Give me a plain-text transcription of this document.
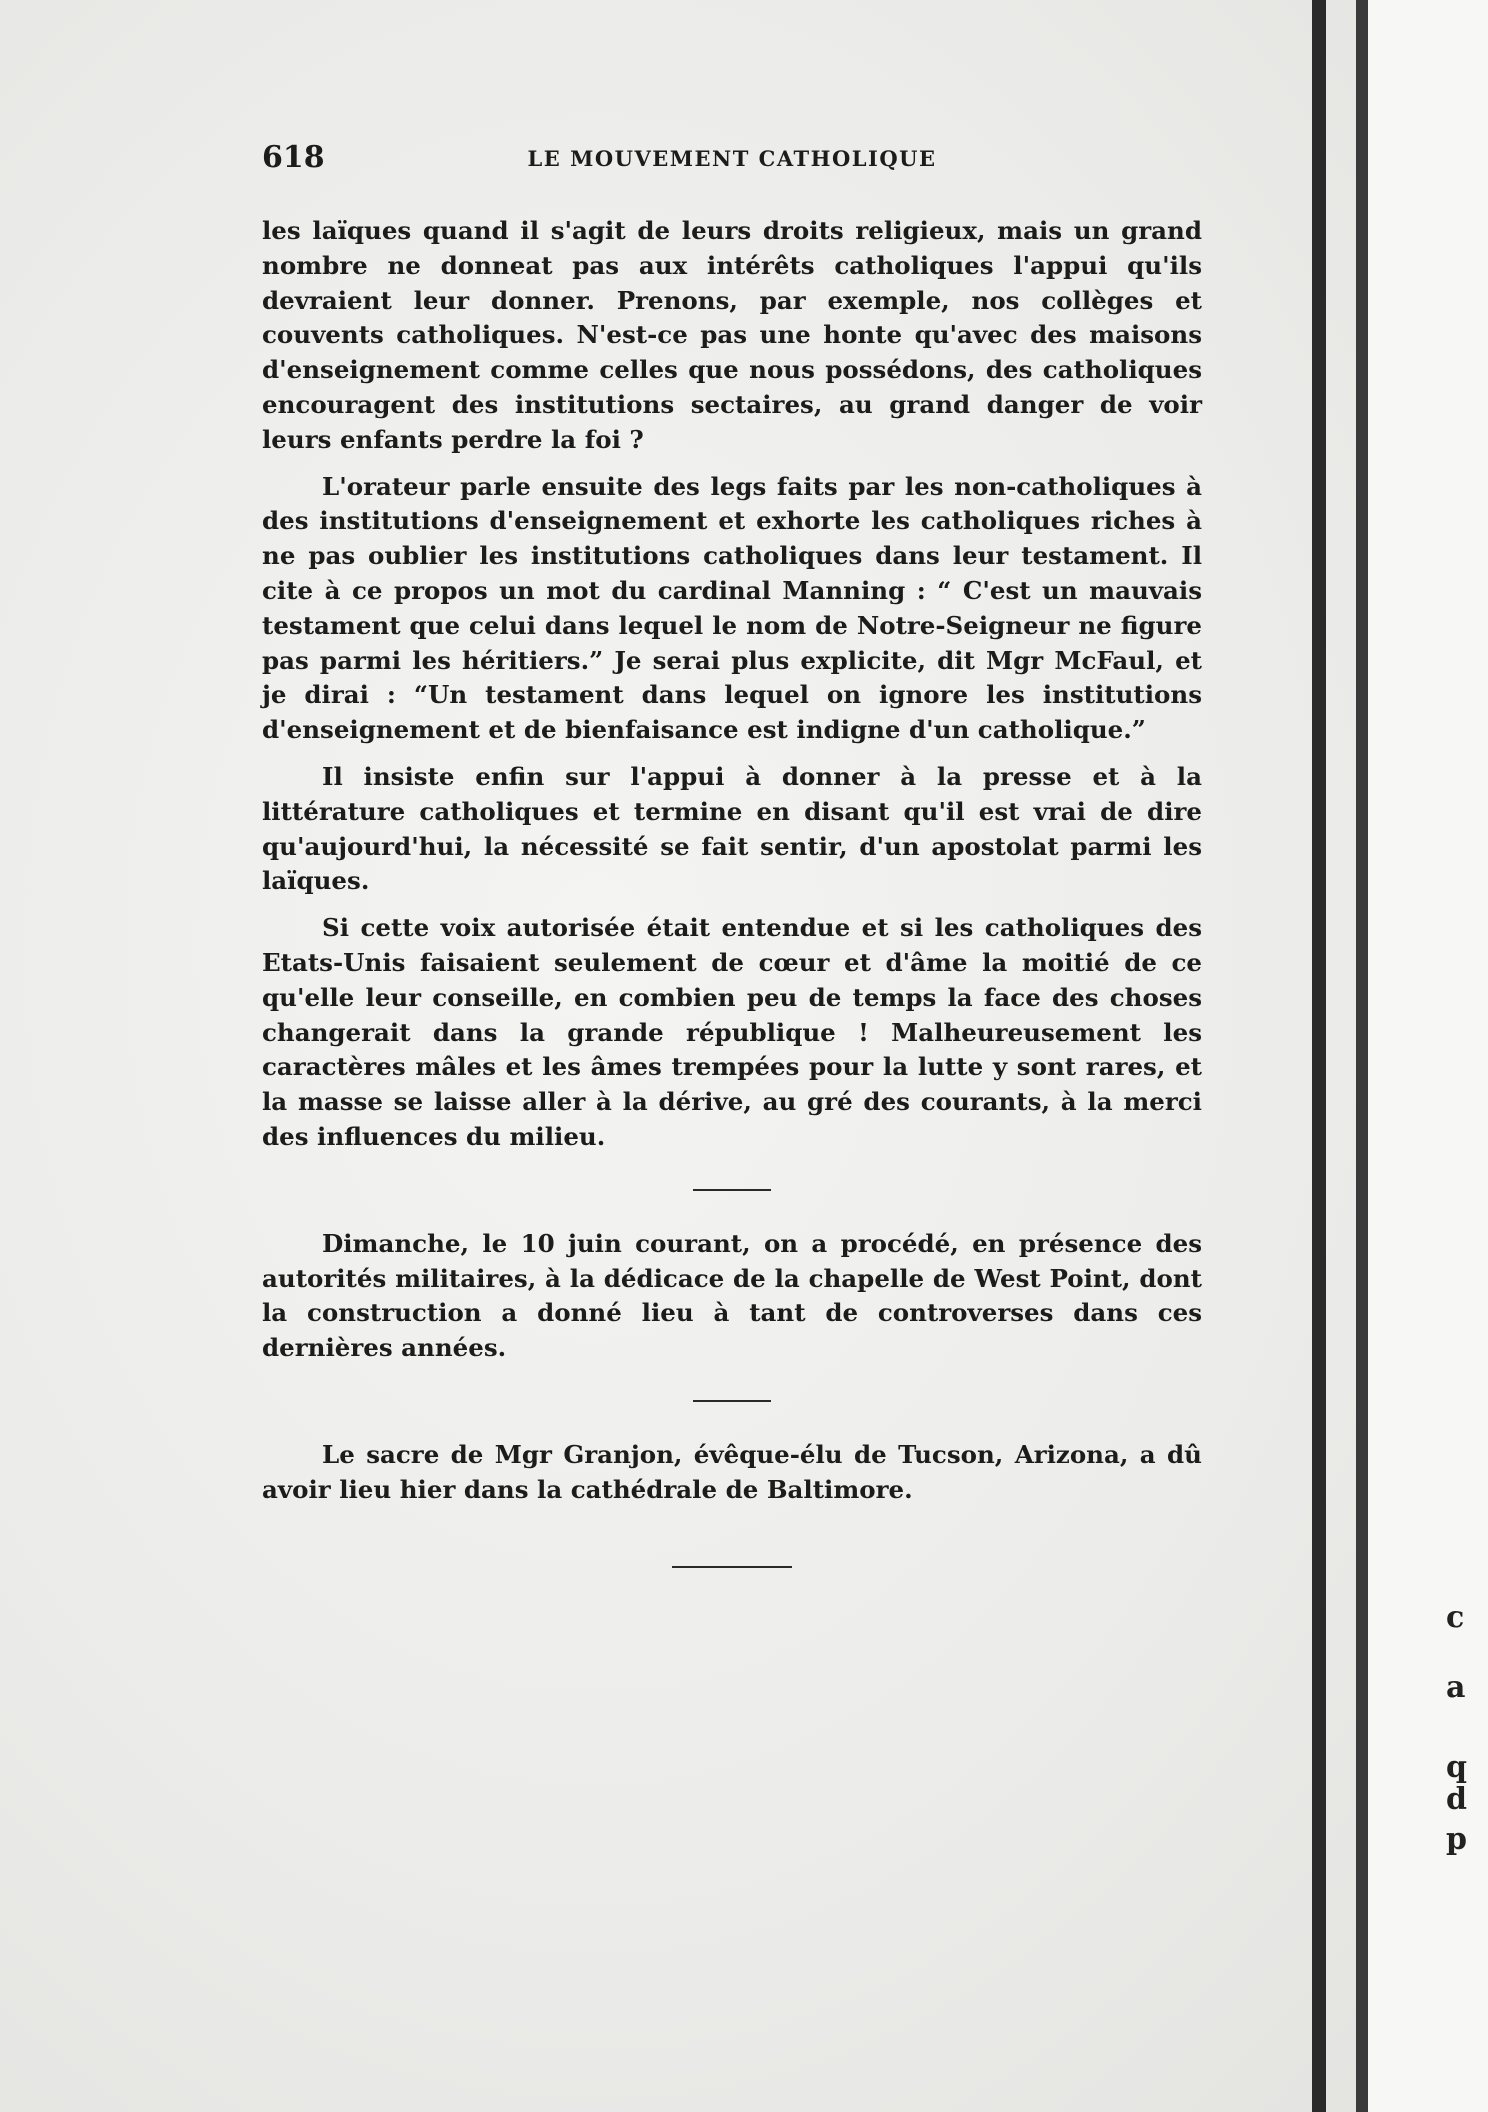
c
a
q
d
p
618	LE MOUVEMENT CATHOLIQUE

les laïques quand il s'agit de leurs droits religieux, mais un grand nombre ne donneat pas aux intérêts catholiques l'appui qu'ils devraient leur donner. Prenons, par exemple, nos collèges et couvents catholiques. N'est-ce pas une honte qu'avec des maisons d'enseignement comme celles que nous possédons, des catholiques encouragent des institutions sectaires, au grand danger de voir leurs enfants perdre la foi ?

L'orateur parle ensuite des legs faits par les non-catholiques à des institutions d'enseignement et exhorte les catholiques riches à ne pas oublier les institutions catholiques dans leur testament. Il cite à ce propos un mot du cardinal Manning : “ C'est un mauvais testament que celui dans lequel le nom de Notre-Seigneur ne figure pas parmi les héritiers.” Je serai plus explicite, dit Mgr McFaul, et je dirai : “Un testament dans lequel on ignore les institutions d'enseignement et de bienfaisance est indigne d'un catholique.”

Il insiste enfin sur l'appui à donner à la presse et à la littérature catholiques et termine en disant qu'il est vrai de dire qu'aujourd'hui, la nécessité se fait sentir, d'un apostolat parmi les laïques.

Si cette voix autorisée était entendue et si les catholiques des Etats-Unis faisaient seulement de cœur et d'âme la moitié de ce qu'elle leur conseille, en combien peu de temps la face des choses changerait dans la grande république ! Malheureusement les caractères mâles et les âmes trempées pour la lutte y sont rares, et la masse se laisse aller à la dérive, au gré des courants, à la merci des influences du milieu.

Dimanche, le 10 juin courant, on a procédé, en présence des autorités militaires, à la dédicace de la chapelle de West Point, dont la construction a donné lieu à tant de controverses dans ces dernières années.

Le sacre de Mgr Granjon, évêque-élu de Tucson, Arizona, a dû avoir lieu hier dans la cathédrale de Baltimore.
